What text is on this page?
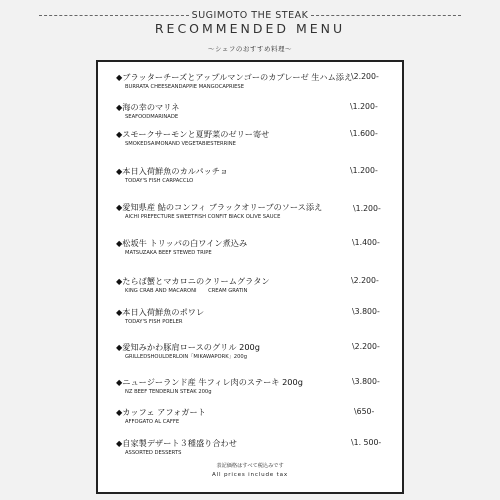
SUGIMOTO THE STEAK
RECOMMENDED MENU
〜シェフのおすすめ料理〜
◆ブラッターチーズとアップルマンゴーのカプレーゼ 生ハム添え
BURRATA CHEESEANDAPPIE MANGOCAPRIESE
\2.200-
◆海の幸のマリネ
SEAFOODMARINADE
\1.200-
◆スモークサーモンと夏野菜のゼリー寄せ
SMOKEDSAIMONAND VEGETABIESTERRINE
\1.600-
◆本日入荷鮮魚のカルパッチョ
TODAY'S FISH CARPACCLO
\1.200-
◆愛知県産 鮎のコンフィ ブラックオリーブのソース添え
AICHI PREFECTURE SWEETFISH CONFIT BIACK OLIVE SAUCE
\1.200-
◆松坂牛 トリッパの白ワイン煮込み
MATSUZAKA BEEF STEWED TRIPE
\1.400-
◆たらば蟹とマカロニのクリームグラタン
KING CRAB AND MACARONI       CREAM GRATIN
\2.200-
◆本日入荷鮮魚のポワレ
TODAY'S FISH POELER
\3.800-
◆愛知みかわ豚肩ロースのグリル 200g
GRILLEDSHOULDERLOIN「MIKAWAPORK」200g
\2.200-
◆ニュージーランド産 牛フィレ肉のステーキ 200g
NZ BEEF TENDERLIN STEAK 200g
\3.800-
◆カッフェ アフォガート
AFFOGATO AL CAFFE
\650-
◆自家製デザート３種盛り合わせ
ASSORTED DESSERTS
\1. 500-
表記価格はすべて税込みです
All prices include tax
